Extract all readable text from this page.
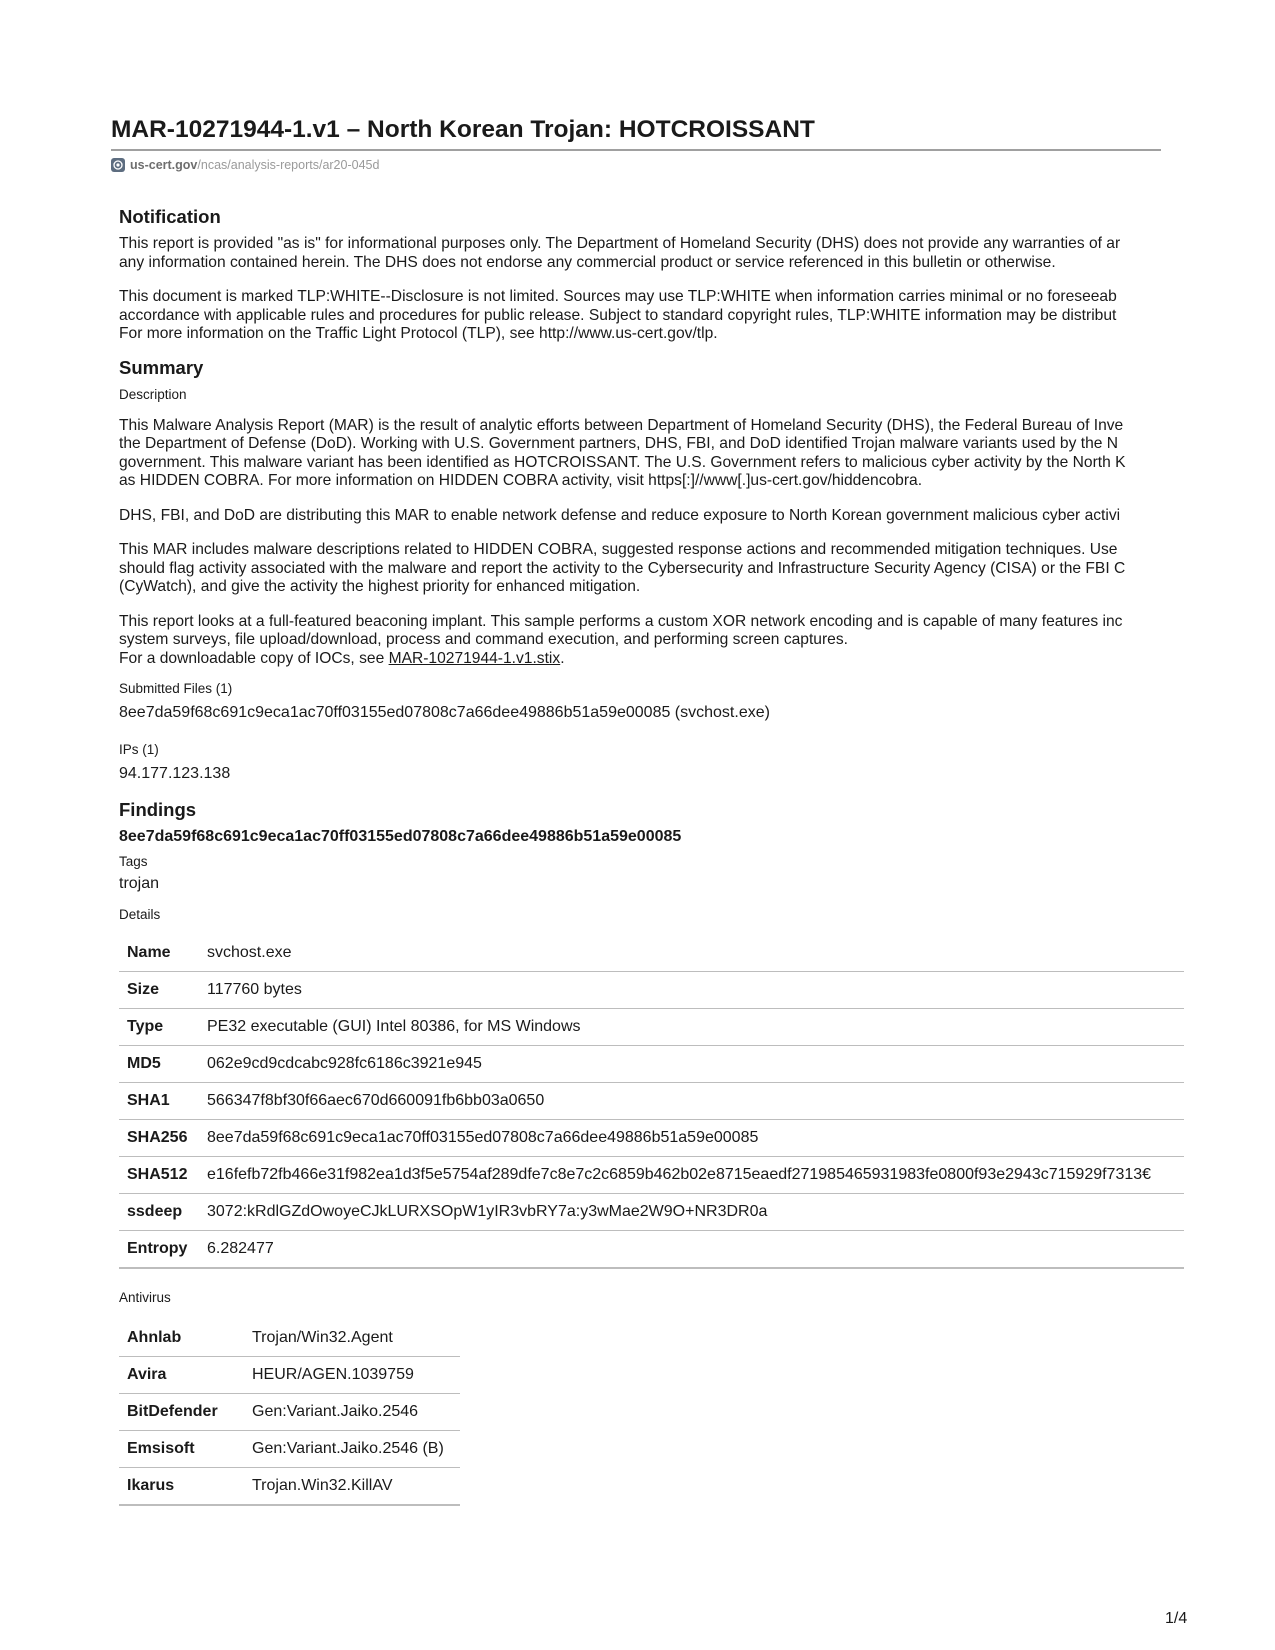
MAR-10271944-1.v1 – North Korean Trojan: HOTCROISSANT
us-cert.gov /ncas/analysis-reports/ar20-045d
Notification
This report is provided "as is" for informational purposes only. The Department of Homeland Security (DHS) does not provide any warranties of ar
any information contained herein. The DHS does not endorse any commercial product or service referenced in this bulletin or otherwise.
This document is marked TLP:WHITE--Disclosure is not limited. Sources may use TLP:WHITE when information carries minimal or no foreseeab
accordance with applicable rules and procedures for public release. Subject to standard copyright rules, TLP:WHITE information may be distribut
For more information on the Traffic Light Protocol (TLP), see http://www.us-cert.gov/tlp.
Summary
Description
This Malware Analysis Report (MAR) is the result of analytic efforts between Department of Homeland Security (DHS), the Federal Bureau of Inve
the Department of Defense (DoD). Working with U.S. Government partners, DHS, FBI, and DoD identified Trojan malware variants used by the N
government. This malware variant has been identified as HOTCROISSANT. The U.S. Government refers to malicious cyber activity by the North K
as HIDDEN COBRA. For more information on HIDDEN COBRA activity, visit https[:]//www[.]us-cert.gov/hiddencobra.
DHS, FBI, and DoD are distributing this MAR to enable network defense and reduce exposure to North Korean government malicious cyber activi
This MAR includes malware descriptions related to HIDDEN COBRA, suggested response actions and recommended mitigation techniques. Use
should flag activity associated with the malware and report the activity to the Cybersecurity and Infrastructure Security Agency (CISA) or the FBI C
(CyWatch), and give the activity the highest priority for enhanced mitigation.
This report looks at a full-featured beaconing implant. This sample performs a custom XOR network encoding and is capable of many features inc
system surveys, file upload/download, process and command execution, and performing screen captures.
For a downloadable copy of IOCs, see MAR-10271944-1.v1.stix.
Submitted Files (1)
8ee7da59f68c691c9eca1ac70ff03155ed07808c7a66dee49886b51a59e00085 (svchost.exe)
IPs (1)
94.177.123.138
Findings
8ee7da59f68c691c9eca1ac70ff03155ed07808c7a66dee49886b51a59e00085
Tags
trojan
Details
Name	svchost.exe
Size	117760 bytes
Type	PE32 executable (GUI) Intel 80386, for MS Windows
MD5	062e9cd9cdcabc928fc6186c3921e945
SHA1	566347f8bf30f66aec670d660091fb6bb03a0650
SHA256	8ee7da59f68c691c9eca1ac70ff03155ed07808c7a66dee49886b51a59e00085
SHA512	e16fefb72fb466e31f982ea1d3f5e5754af289dfe7c8e7c2c6859b462b02e8715eaedf271985465931983fe0800f93e2943c715929f7313€
ssdeep	3072:kRdlGZdOwoyeCJkLURXSOpW1yIR3vbRY7a:y3wMae2W9O+NR3DR0a
Entropy	6.282477
Antivirus
Ahnlab	Trojan/Win32.Agent
Avira	HEUR/AGEN.1039759
BitDefender	Gen:Variant.Jaiko.2546
Emsisoft	Gen:Variant.Jaiko.2546 (B)
Ikarus	Trojan.Win32.KillAV
1/4
